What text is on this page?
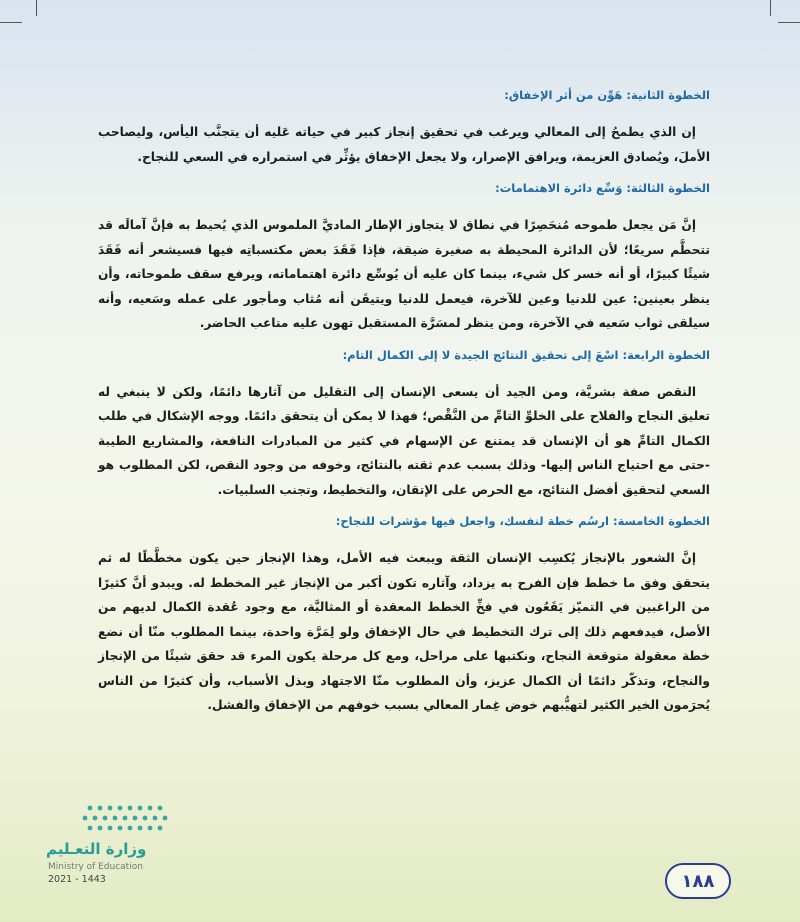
الخطوة الثانية: هَوِّن من أثر الإخفاق:
إن الذي يطمحُ إلى المعالي ويرغب في تحقيق إنجاز كبير في حياته عَليه أن يتجنَّب اليأس، وليصاحب الأملَ، ويُصادق العزيمة، ويرافق الإصرار، ولا يجعل الإخفاق يؤثِّر في استمراره في السعي للنجاح.
الخطوة الثالثة: وَسِّع دائرة الاهتمامات:
إنَّ مَن يجعل طموحه مُنحَصِرًا في نطاق لا يتجاوز الإطار الماديَّ الملموس الذي يُحيط به فإنَّ آمالَه قد تتحطَّم سريعًا؛ لأن الدائرة المحيطة به صغيرة ضيقة، فإذا فَقَدَ بعض مكتسباتِه فيها فسيشعر أنه فَقَدَ شيئًا كبيرًا، أو أنه خسر كل شيء، بينما كان عليه أن يُوسِّع دائرة اهتماماته، ويرفع سقف طموحاته، وأن ينظر بعينين: عين للدنيا وعين للآخرة، فيعمل للدنيا ويتيقَن أنه مُثاب ومأجور على عمله وسَعيه، وأنه سيلقى ثواب سَعيه في الآخرة، ومن ينظر لمسَرَّة المستقبل تهون عليه متاعب الحاضر.
الخطوة الرابعة: اسْعَ إلى تحقيق النتائج الجيدة لا إلى الكمال التام:
النقص صفة بشريَّة، ومن الجيد أن يسعى الإنسان إلى التقليل من آثارها دائمًا، ولكن لا ينبغي له تعليق النجاح والفلاح على الخلوِّ التامِّ من النَّقْص؛ فهذا لا يمكن أن يتحقق دائمًا. ووجه الإشكال في طلب الكمال التامِّ هو أن الإنسان قد يمتنع عن الإسهام في كثير من المبادرات النافعة، والمشاريع الطيبة -حتى مع احتياج الناس إليها- وذلك بسبب عدم ثقته بالنتائج، وخوفه من وجود النقص، لكن المطلوب هو السعي لتحقيق أفضل النتائج، مع الحرص على الإتقان، والتخطيط، وتجنب السلبيات.
الخطوة الخامسة: ارسُم خطة لنفسك، واجعل فيها مؤشرات للنجاح:
إنَّ الشعور بالإنجاز يُكسِب الإنسان الثقة ويبعث فيه الأمل، وهذا الإنجاز حين يكون مخطَّطًا له ثم يتحقق وفق ما خطط فإن الفرح به يزداد، وآثاره تكون أكبر من الإنجاز غير المخطط له. ويبدو أنَّ كثيرًا من الراغبين في التميّز يَقَعُون في فخِّ الخطط المعقدة أو المثاليَّة، مع وجود عُقدة الكمال لديهم من الأصل، فيدفعهم ذلك إلى ترك التخطيط في حال الإخفاق ولو لِمَرَّة واحدة، بينما المطلوب منّا أن نضع خطة معقولة متوقعة النجاح، ونكتبها على مراحل، ومع كل مرحلة يكون المرء قد حقق شيئًا من الإنجاز والنجاح، وتذكّر دائمًا أن الكمال عزيز، وأن المطلوب منّا الاجتهاد وبذل الأسباب، وأن كثيرًا من الناس يُحرَمون الخير الكثير لتهيُّبهم خوض غِمار المعالي بسبب خوفهم من الإخفاق والفشل.
وزارة التعـليم
Ministry of Education
2021 - 1443	١٨٨
